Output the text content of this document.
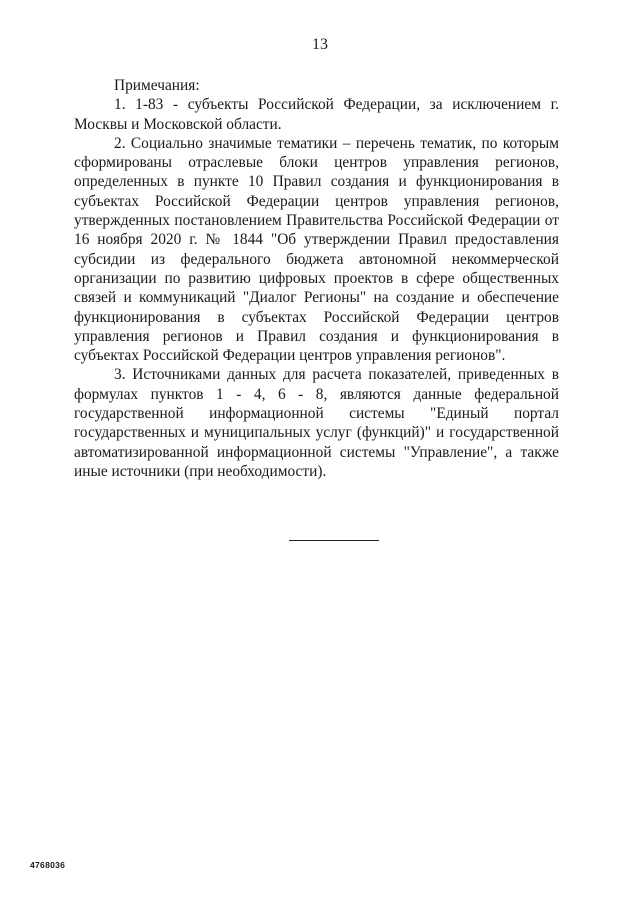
13

Примечания:

1. 1-83 - субъекты Российской Федерации, за исключением г. Москвы и Московской области.

2. Социально значимые тематики – перечень тематик, по которым сформированы отраслевые блоки центров управления регионов, определенных в пункте 10 Правил создания и функционирования в субъектах Российской Федерации центров управления регионов, утвержденных постановлением Правительства Российской Федерации от 16 ноября 2020 г. № 1844 "Об утверждении Правил предоставления субсидии из федерального бюджета автономной некоммерческой организации по развитию цифровых проектов в сфере общественных связей и коммуникаций "Диалог Регионы" на создание и обеспечение функционирования в субъектах Российской Федерации центров управления регионов и Правил создания и функционирования в субъектах Российской Федерации центров управления регионов".

3. Источниками данных для расчета показателей, приведенных в формулах пунктов 1 - 4, 6 - 8, являются данные федеральной государственной информационной системы "Единый портал государственных и муниципальных услуг (функций)" и государственной автоматизированной информационной системы "Управление", а также иные источники (при необходимости).

4768036
